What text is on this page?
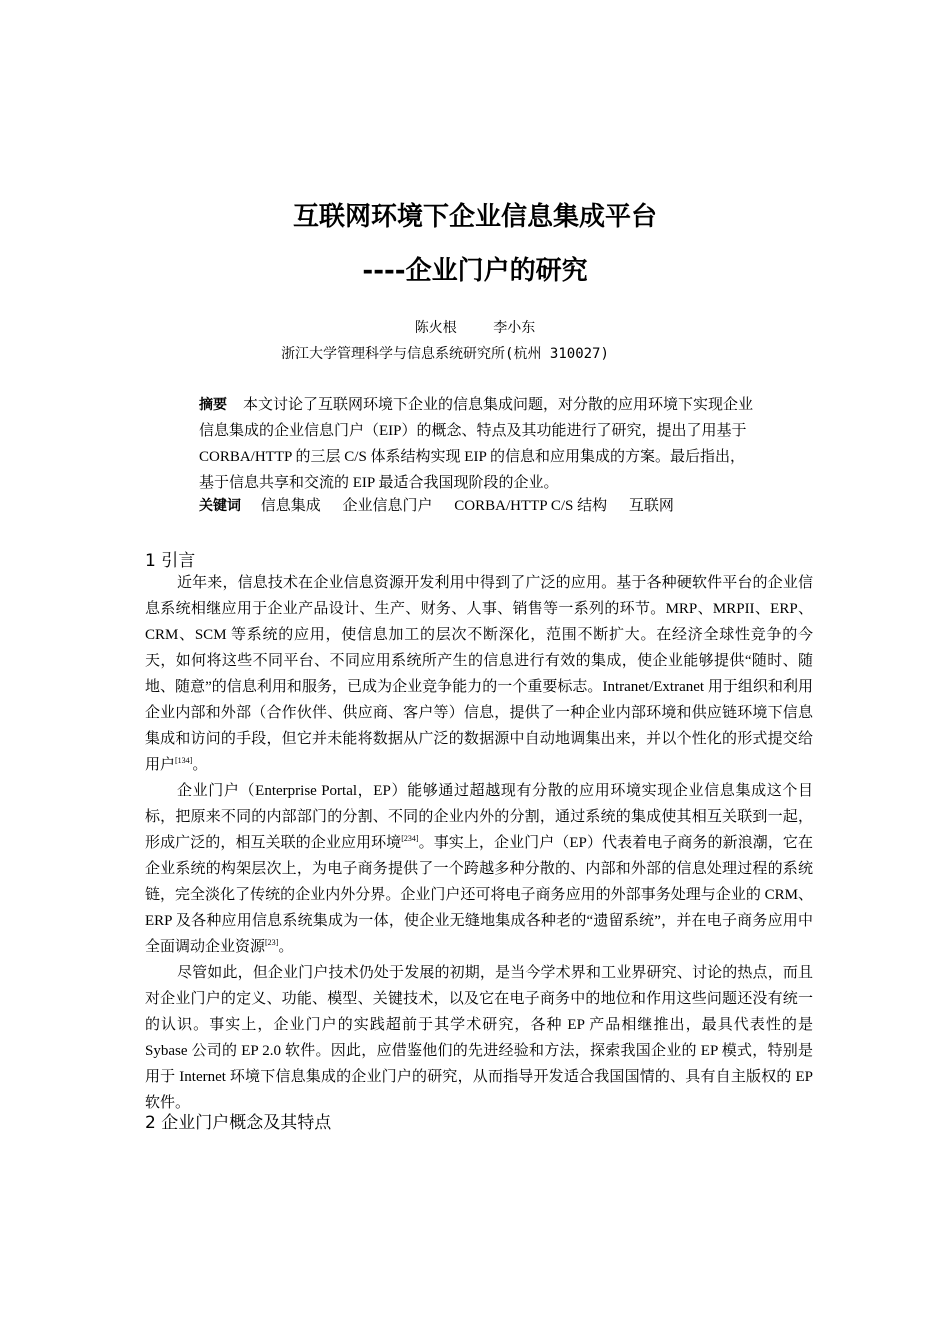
互联网环境下企业信息集成平台
----企业门户的研究
陈火根	李小东
浙江大学管理科学与信息系统研究所(杭州 310027)
摘要 本文讨论了互联网环境下企业的信息集成问题，对分散的应用环境下实现企业信息集成的企业信息门户（EIP）的概念、特点及其功能进行了研究，提出了用基于 CORBA/HTTP 的三层 C/S 体系结构实现 EIP 的信息和应用集成的方案。最后指出，基于信息共享和交流的 EIP 最适合我国现阶段的企业。
关键词 信息集成 企业信息门户 CORBA/HTTP C/S 结构 互联网
1 引言

近年来，信息技术在企业信息资源开发利用中得到了广泛的应用。基于各种硬软件平台的企业信息系统相继应用于企业产品设计、生产、财务、人事、销售等一系列的环节。MRP、MRPII、ERP、CRM、SCM 等系统的应用，使信息加工的层次不断深化，范围不断扩大。在经济全球性竞争的今天，如何将这些不同平台、不同应用系统所产生的信息进行有效的集成，使企业能够提供“随时、随地、随意”的信息利用和服务，已成为企业竞争能力的一个重要标志。Intranet/Extranet 用于组织和利用企业内部和外部（合作伙伴、供应商、客户等）信息，提供了一种企业内部环境和供应链环境下信息集成和访问的手段，但它并未能将数据从广泛的数据源中自动地调集出来，并以个性化的形式提交给用户[134]。

企业门户（Enterprise Portal，EP）能够通过超越现有分散的应用环境实现企业信息集成这个目标，把原来不同的内部部门的分割、不同的企业内外的分割，通过系统的集成使其相互关联到一起，形成广泛的，相互关联的企业应用环境[234]。事实上，企业门户（EP）代表着电子商务的新浪潮，它在企业系统的构架层次上，为电子商务提供了一个跨越多种分散的、内部和外部的信息处理过程的系统链，完全淡化了传统的企业内外分界。企业门户还可将电子商务应用的外部事务处理与企业的 CRM、ERP 及各种应用信息系统集成为一体，使企业无缝地集成各种老的“遗留系统”，并在电子商务应用中全面调动企业资源[23]。

尽管如此，但企业门户技术仍处于发展的初期，是当今学术界和工业界研究、讨论的热点，而且对企业门户的定义、功能、模型、关键技术，以及它在电子商务中的地位和作用这些问题还没有统一的认识。事实上，企业门户的实践超前于其学术研究，各种 EP 产品相继推出，最具代表性的是 Sybase 公司的 EP 2.0 软件。因此，应借鉴他们的先进经验和方法，探索我国企业的 EP 模式，特别是用于 Internet 环境下信息集成的企业门户的研究，从而指导开发适合我国国情的、具有自主版权的 EP 软件。

2 企业门户概念及其特点
